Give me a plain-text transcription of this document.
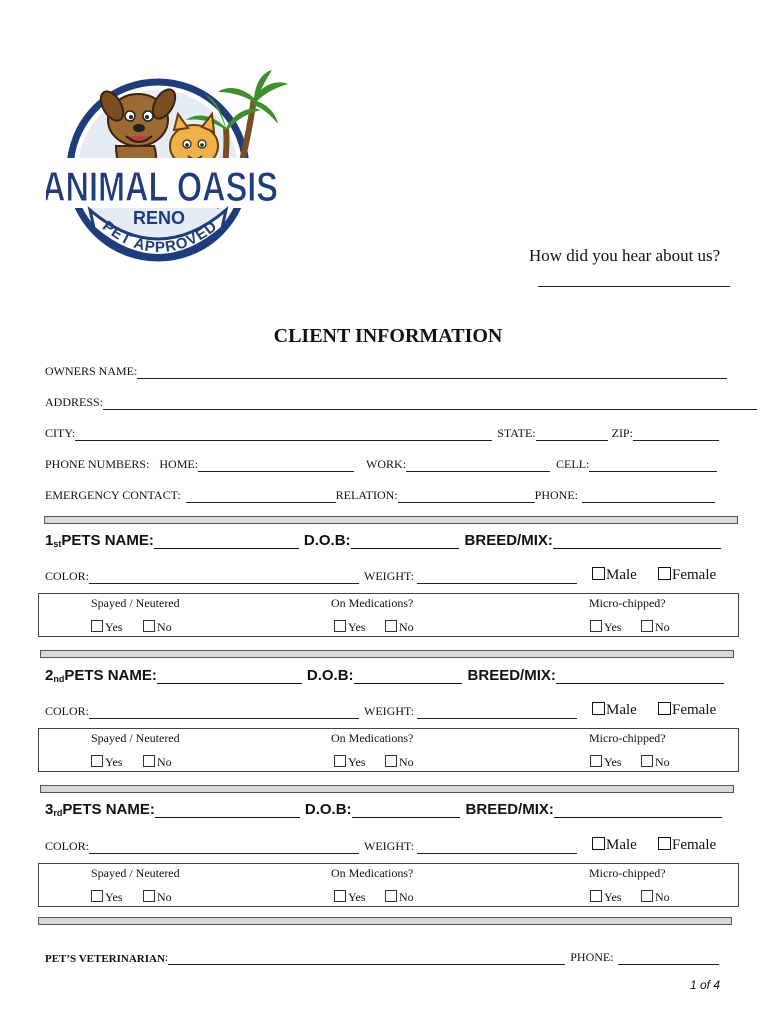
ANIMAL OASIS
RENO
PET APPROVED
How did you hear about us?
CLIENT INFORMATION
OWNERS NAME:
ADDRESS:
CITY:	STATE:	ZIP:
PHONE NUMBERS: HOME:	WORK:	CELL:
EMERGENCY CONTACT:	RELATION:	PHONE:
$1_{st}$ PETS NAME:	D.O.B:	BREED/MIX:
COLOR:	WEIGHT:	Male	Female
Spayed / Neutered	On Medications?	Micro-chipped?
Yes	No	Yes	No	Yes	No
$2_{nd}$ PETS NAME:	D.O.B:	BREED/MIX:
COLOR:	WEIGHT:	Male	Female
Spayed / Neutered	On Medications?	Micro-chipped?
Yes	No	Yes	No	Yes	No
$3_{rd}$ PETS NAME:	D.O.B:	BREED/MIX:
COLOR:	WEIGHT:	Male	Female
Spayed / Neutered	On Medications?	Micro-chipped?
Yes	No	Yes	No	Yes	No
PET’S VETERINARIAN :	PHONE:
1 of 4
